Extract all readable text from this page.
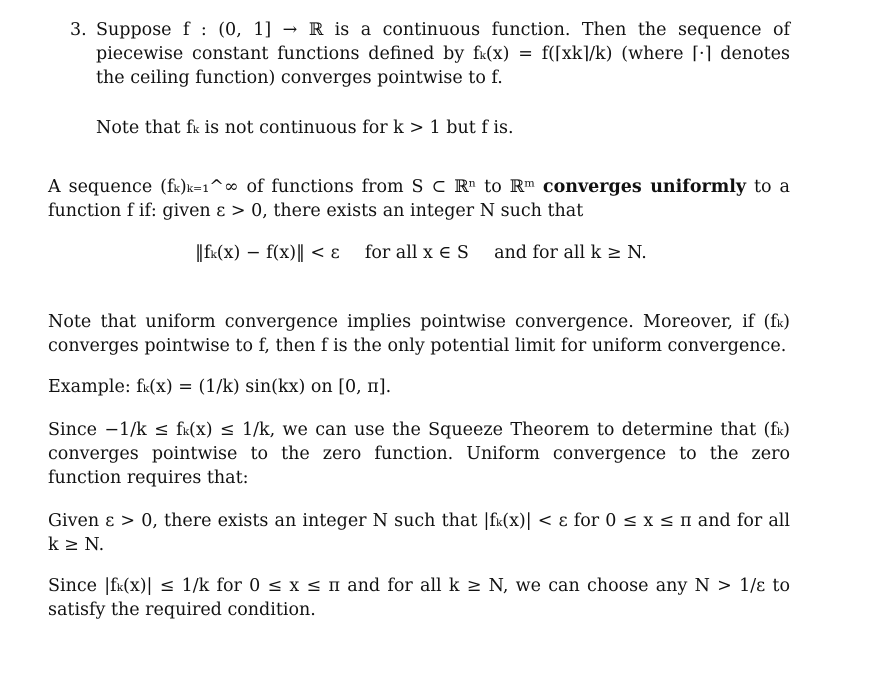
3. Suppose f : (0, 1] → ℝ is a continuous function. Then the sequence of piecewise constant functions defined by fₖ(x) = f(⌈xk⌉/k) (where ⌈·⌉ denotes the ceiling function) converges pointwise to f.
Note that fₖ is not continuous for k > 1 but f is.
A sequence (fₖ)ₖ₌₁^∞ of functions from S ⊂ ℝⁿ to ℝᵐ converges uniformly to a function f if: given ε > 0, there exists an integer N such that
‖fₖ(x) − f(x)‖ < ε for all x ∈ S and for all k ≥ N.
Note that uniform convergence implies pointwise convergence. Moreover, if (fₖ) converges pointwise to f, then f is the only potential limit for uniform convergence.
Example: fₖ(x) = (1/k) sin(kx) on [0, π].
Since −1/k ≤ fₖ(x) ≤ 1/k, we can use the Squeeze Theorem to determine that (fₖ) converges pointwise to the zero function. Uniform convergence to the zero function requires that:
Given ε > 0, there exists an integer N such that |fₖ(x)| < ε for 0 ≤ x ≤ π and for all k ≥ N.
Since |fₖ(x)| ≤ 1/k for 0 ≤ x ≤ π and for all k ≥ N, we can choose any N > 1/ε to satisfy the required condition.
